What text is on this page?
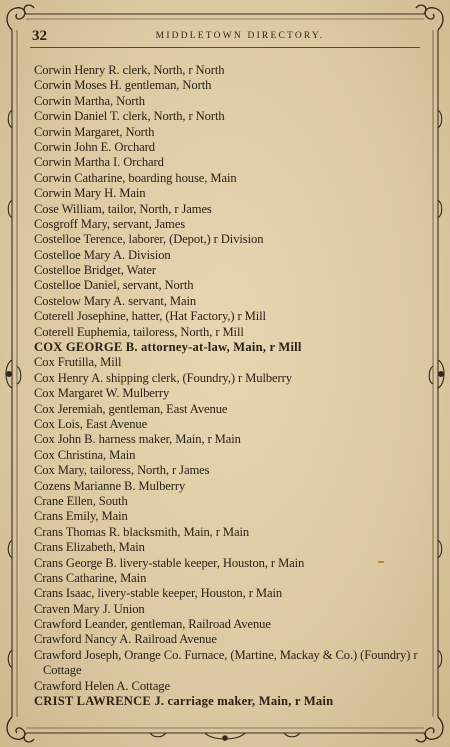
32	MIDDLETOWN DIRECTORY.
Corwin Henry R. clerk, North, r North
Corwin Moses H. gentleman, North
Corwin Martha, North
Corwin Daniel T. clerk, North, r North
Corwin Margaret, North
Corwin John E. Orchard
Corwin Martha I. Orchard
Corwin Catharine, boarding house, Main
Corwin Mary H. Main
Cose William, tailor, North, r James
Cosgroff Mary, servant, James
Costelloe Terence, laborer, (Depot,) r Division
Costelloe Mary A. Division
Costelloe Bridget, Water
Costelloe Daniel, servant, North
Costelow Mary A. servant, Main
Coterell Josephine, hatter, (Hat Factory,) r Mill
Coterell Euphemia, tailoress, North, r Mill
COX GEORGE B. attorney-at-law, Main, r Mill
Cox Frutilla, Mill
Cox Henry A. shipping clerk, (Foundry,) r Mulberry
Cox Margaret W. Mulberry
Cox Jeremiah, gentleman, East Avenue
Cox Lois, East Avenue
Cox John B. harness maker, Main, r Main
Cox Christina, Main
Cox Mary, tailoress, North, r James
Cozens Marianne B. Mulberry
Crane Ellen, South
Crans Emily, Main
Crans Thomas R. blacksmith, Main, r Main
Crans Elizabeth, Main
Crans George B. livery-stable keeper, Houston, r Main
Crans Catharine, Main
Crans Isaac, livery-stable keeper, Houston, r Main
Craven Mary J. Union
Crawford Leander, gentleman, Railroad Avenue
Crawford Nancy A. Railroad Avenue
Crawford Joseph, Orange Co. Furnace, (Martine, Mackay & Co.) (Foundry) r Cottage
Crawford Helen A. Cottage
CRIST LAWRENCE J. carriage maker, Main, r Main
